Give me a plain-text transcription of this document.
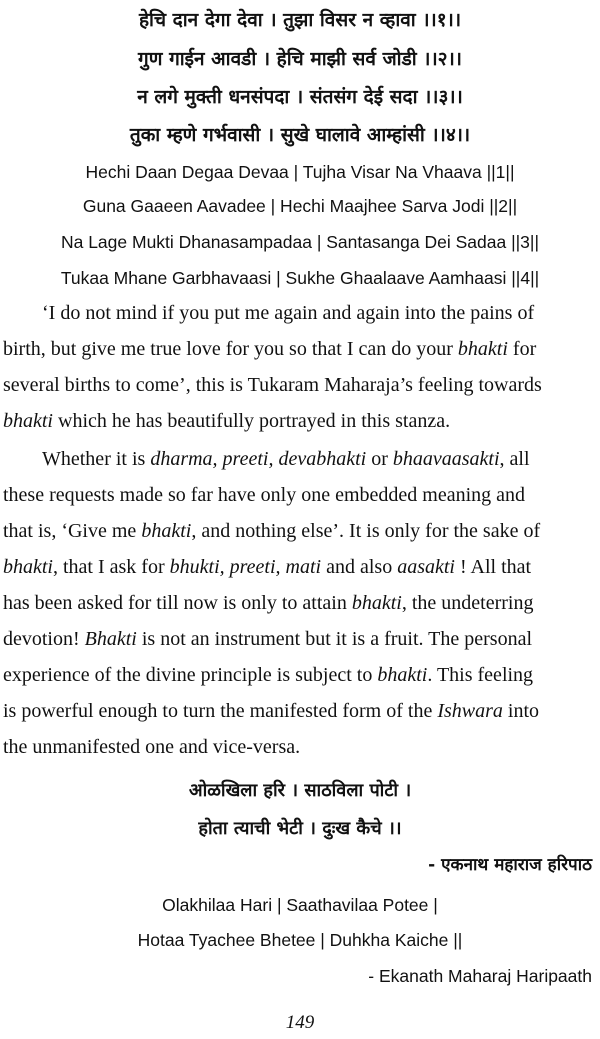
हेचि दान देगा देवा । तुझा विसर न व्हावा ।।१।।
गुण गाईन आवडी । हेचि माझी सर्व जोडी ।।२।।
न लगे मुक्ती धनसंपदा । संतसंग देई सदा ।।३।।
तुका म्हणे गर्भवासी । सुखे घालावे आम्हांसी ।।४।।
Hechi Daan Degaa Devaa | Tujha Visar Na Vhaava ||1||
Guna Gaaeen Aavadee | Hechi Maajhee Sarva Jodi ||2||
Na Lage Mukti Dhanasampadaa | Santasanga Dei Sadaa ||3||
Tukaa Mhane Garbhavaasi | Sukhe Ghaalaave Aamhaasi ||4||
‘I do not mind if you put me again and again into the pains of
birth, but give me true love for you so that I can do your bhakti for
several births to come’, this is Tukaram Maharaja’s feeling towards
bhakti which he has beautifully portrayed in this stanza.
Whether it is dharma, preeti, devabhakti or bhaavaasakti, all
these requests made so far have only one embedded meaning and
that is, ‘Give me bhakti, and nothing else’. It is only for the sake of
bhakti, that I ask for bhukti, preeti, mati and also aasakti ! All that
has been asked for till now is only to attain bhakti, the undeterring
devotion! Bhakti is not an instrument but it is a fruit. The personal
experience of the divine principle is subject to bhakti. This feeling
is powerful enough to turn the manifested form of the Ishwara into
the unmanifested one and vice-versa.
ओळखिला हरि । साठविला पोटी ।
होता त्याची भेटी । दुःख कैचे ।।
- एकनाथ महाराज हरिपाठ
Olakhilaa Hari | Saathavilaa Potee |
Hotaa Tyachee Bhetee | Duhkha Kaiche ||
- Ekanath Maharaj Haripaath
149
